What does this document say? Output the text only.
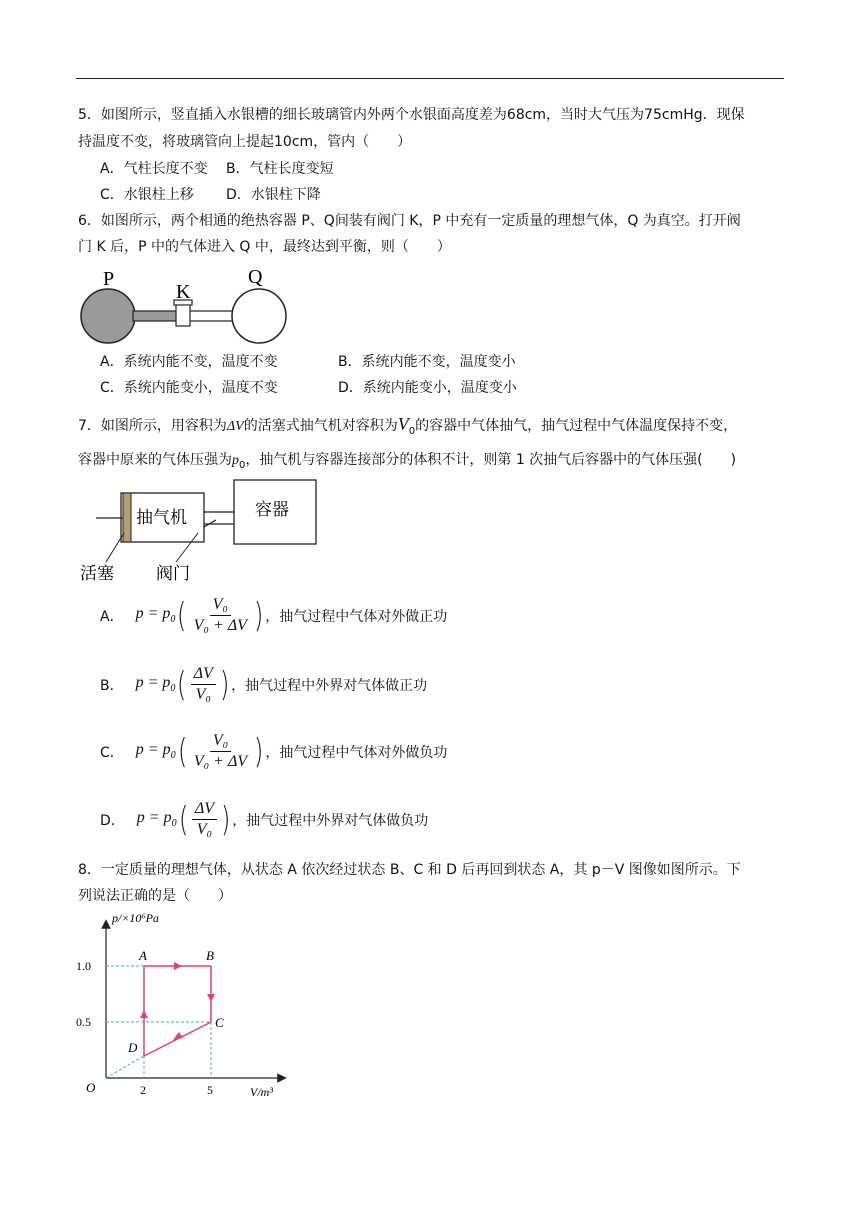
5．如图所示，竖直插入水银槽的细长玻璃管内外两个水银面高度差为68cm，当时大气压为75cmHg．现保
持温度不变，将玻璃管向上提起10cm，管内（　　）
A．气柱长度不变 B．气柱长度变短
C．水银柱上移 D．水银柱下降
6．如图所示，两个相通的绝热容器 P、Q间装有阀门 K，P 中充有一定质量的理想气体，Q 为真空。打开阀
门 K 后，P 中的气体进入 Q 中，最终达到平衡，则（　　）
P
K
Q
A．系统内能不变，温度不变	B．系统内能不变，温度变小
C．系统内能变小，温度不变	D．系统内能变小，温度变小
7．如图所示，用容积为ΔV的活塞式抽气机对容积为$V_0$的容器中气体抽气，抽气过程中气体温度保持不变，
容器中原来的气体压强为$p_0$，抽气机与容器连接部分的体积不计，则第 1 次抽气后容器中的气体压强(　　)
抽气机	容器
活塞 阀门
A． $p = p_0$ ( $\frac{\text{V₀}}{\text{V₀ + ΔV}}$ ) ，抽气过程中气体对外做正功
B． $p = p_0$ ( $\frac{\Delta V}{\text{V₀}}$ ) ，抽气过程中外界对气体做正功
C． $p = p_0$ ( $\frac{\text{V₀}}{\text{V₀ + ΔV}}$ ) ，抽气过程中气体对外做负功
D． $p = p_0$ ( $\frac{\Delta V}{\text{V₀}}$ ) ，抽气过程中外界对气体做负功
8．一定质量的理想气体，从状态 A 依次经过状态 B、C 和 D 后再回到状态 A，其 p－V 图像如图所示。下
列说法正确的是（　　）
p/×10⁶Pa
V/m³
O
1.0
0.5
2	5
A	B
C
D
